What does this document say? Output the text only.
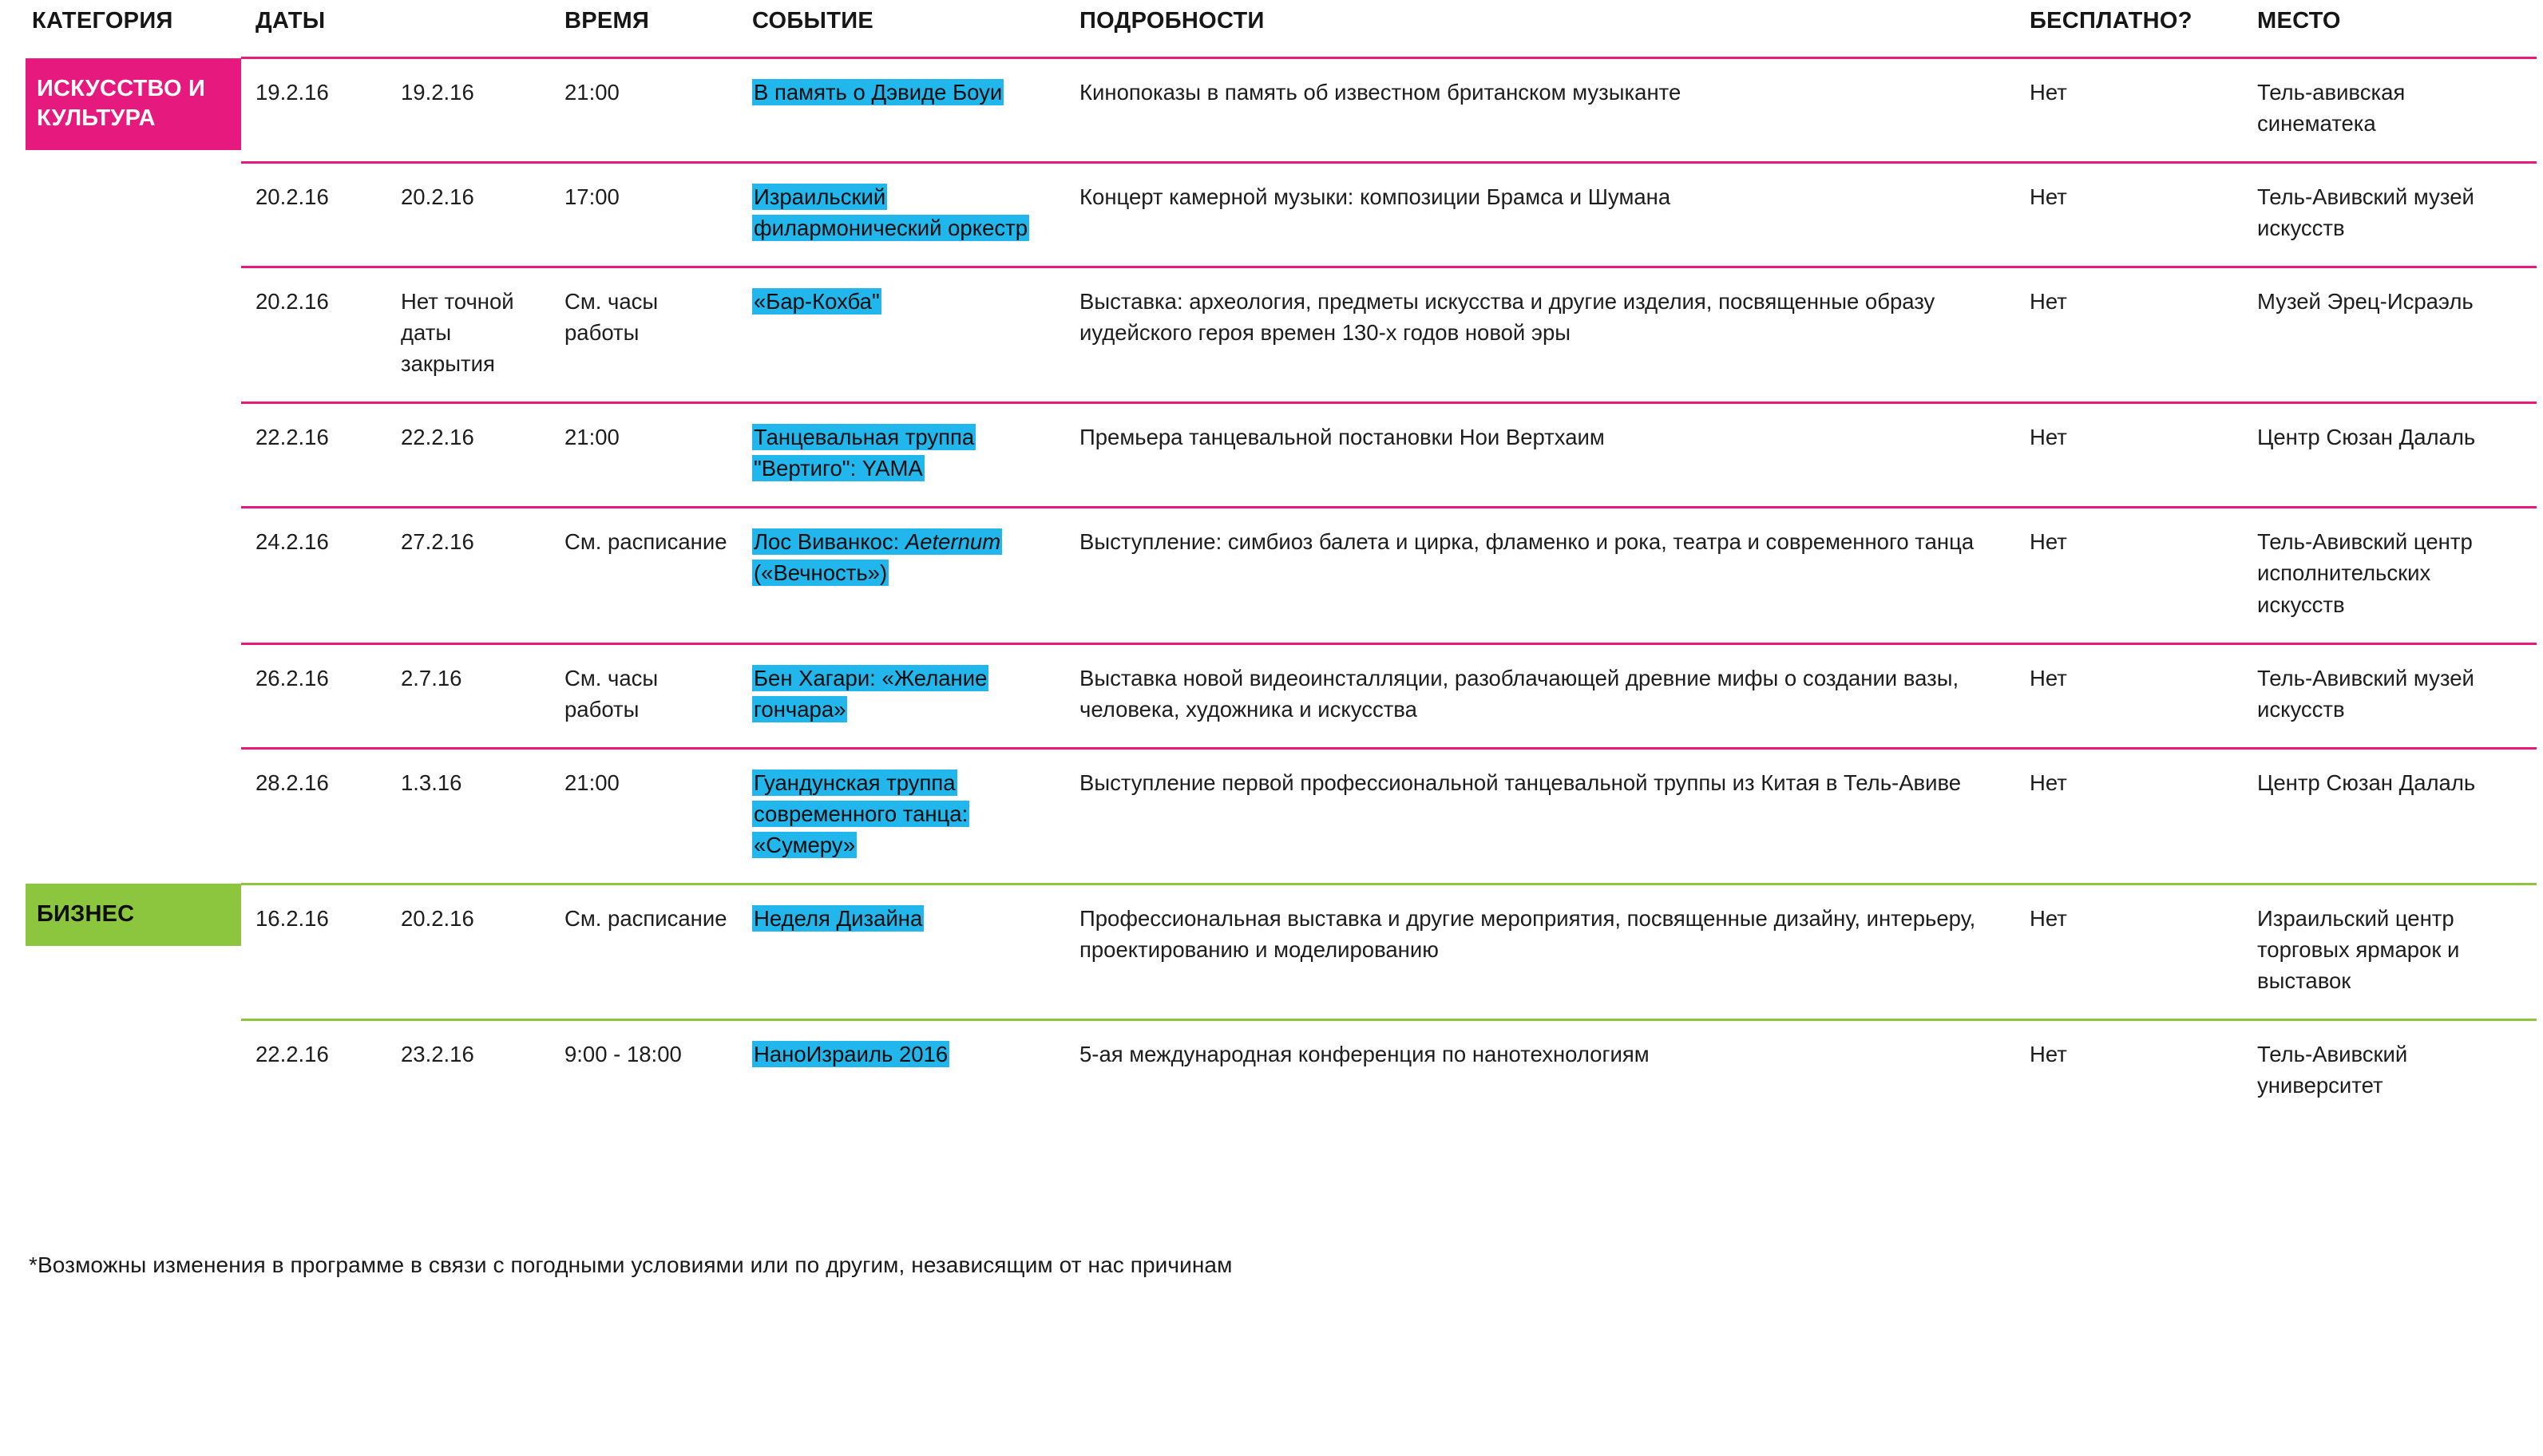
КАТЕГОРИЯ	ДАТЫ		ВРЕМЯ	СОБЫТИЕ	ПОДРОБНОСТИ	БЕСПЛАТНО?	МЕСТО

ИСКУССТВО И КУЛЬТУРА	19.2.16	19.2.16	21:00	В память о Дэвиде Боуи	Кинопоказы в память об известном британском музыканте	Нет	Тель-авивская синематека
	20.2.16	20.2.16	17:00	Израильский филармонический оркестр	Концерт камерной музыки: композиции Брамса и Шумана	Нет	Тель-Авивский музей искусств
	20.2.16	Нет точной даты закрытия	См. часы работы	«Бар-Кохба"	Выставка: археология, предметы искусства и другие изделия, посвященные образу иудейского героя времен 130-х годов новой эры	Нет	Музей Эрец-Исраэль
	22.2.16	22.2.16	21:00	Танцевальная труппа "Вертиго": YAMA	Премьера танцевальной постановки Нои Вертхаим	Нет	Центр Сюзан Далаль
	24.2.16	27.2.16	См. расписание	Лос Виванкос: Aeternum («Вечность»)	Выступление: симбиоз балета и цирка, фламенко и рока, театра и современного танца	Нет	Тель-Авивский центр исполнительских искусств
	26.2.16	2.7.16	См. часы работы	Бен Хагари: «Желание гончара»	Выставка новой видеоинсталляции, разоблачающей древние мифы о создании вазы, человека, художника и искусства	Нет	Тель-Авивский музей искусств
	28.2.16	1.3.16	21:00	Гуандунская труппа современного танца: «Сумеру»	Выступление первой профессиональной танцевальной труппы из Китая в Тель-Авиве	Нет	Центр Сюзан Далаль

БИЗНЕС	16.2.16	20.2.16	См. расписание	Неделя Дизайна	Профессиональная выставка и другие мероприятия, посвященные дизайну, интерьеру, проектированию и моделированию	Нет	Израильский центр торговых ярмарок и выставок
	22.2.16	23.2.16	9:00 - 18:00	НаноИзраиль 2016	5-ая международная конференция по нанотехнологиям	Нет	Тель-Авивский университет

*Возможны изменения в программе в связи с погодными условиями или по другим, независящим от нас причинам
